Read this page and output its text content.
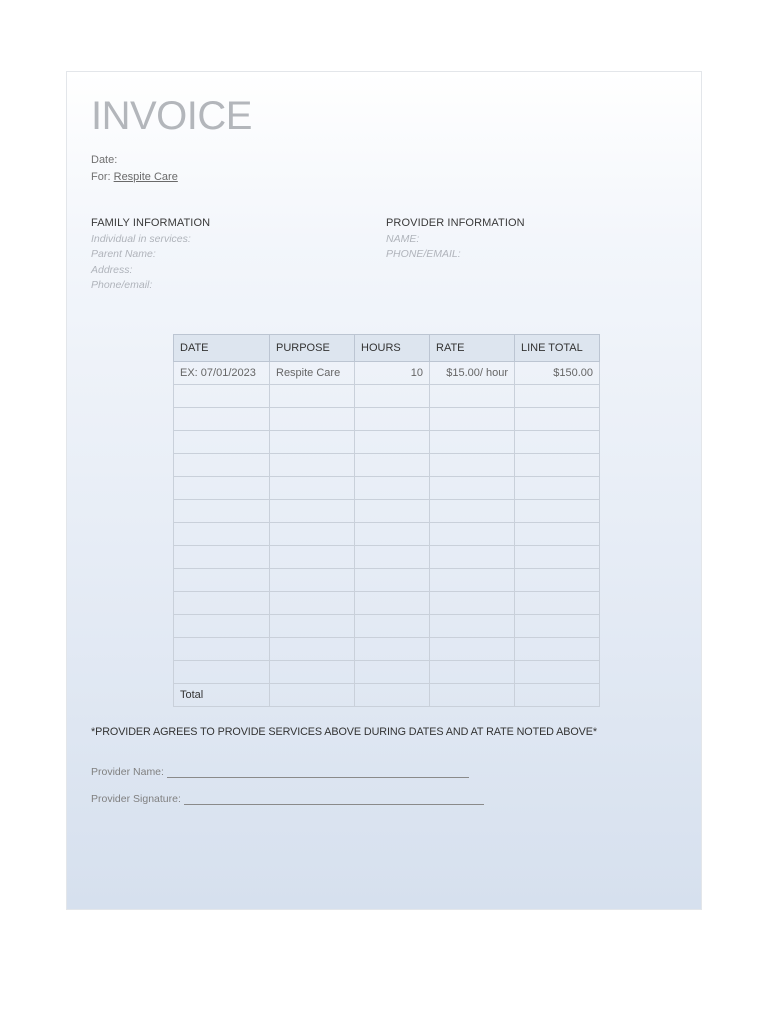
INVOICE
Date:
For: Respite Care
FAMILY INFORMATION
Individual in services:
Parent Name:
Address:
Phone/email:
PROVIDER INFORMATION
NAME:
PHONE/EMAIL:
DATE	PURPOSE	HOURS	RATE	LINE TOTAL
EX: 07/01/2023	Respite Care	10	$15.00/ hour	$150.00

Total				
*PROVIDER AGREES TO PROVIDE SERVICES ABOVE DURING DATES AND AT RATE NOTED ABOVE*
Provider Name:
Provider Signature:
